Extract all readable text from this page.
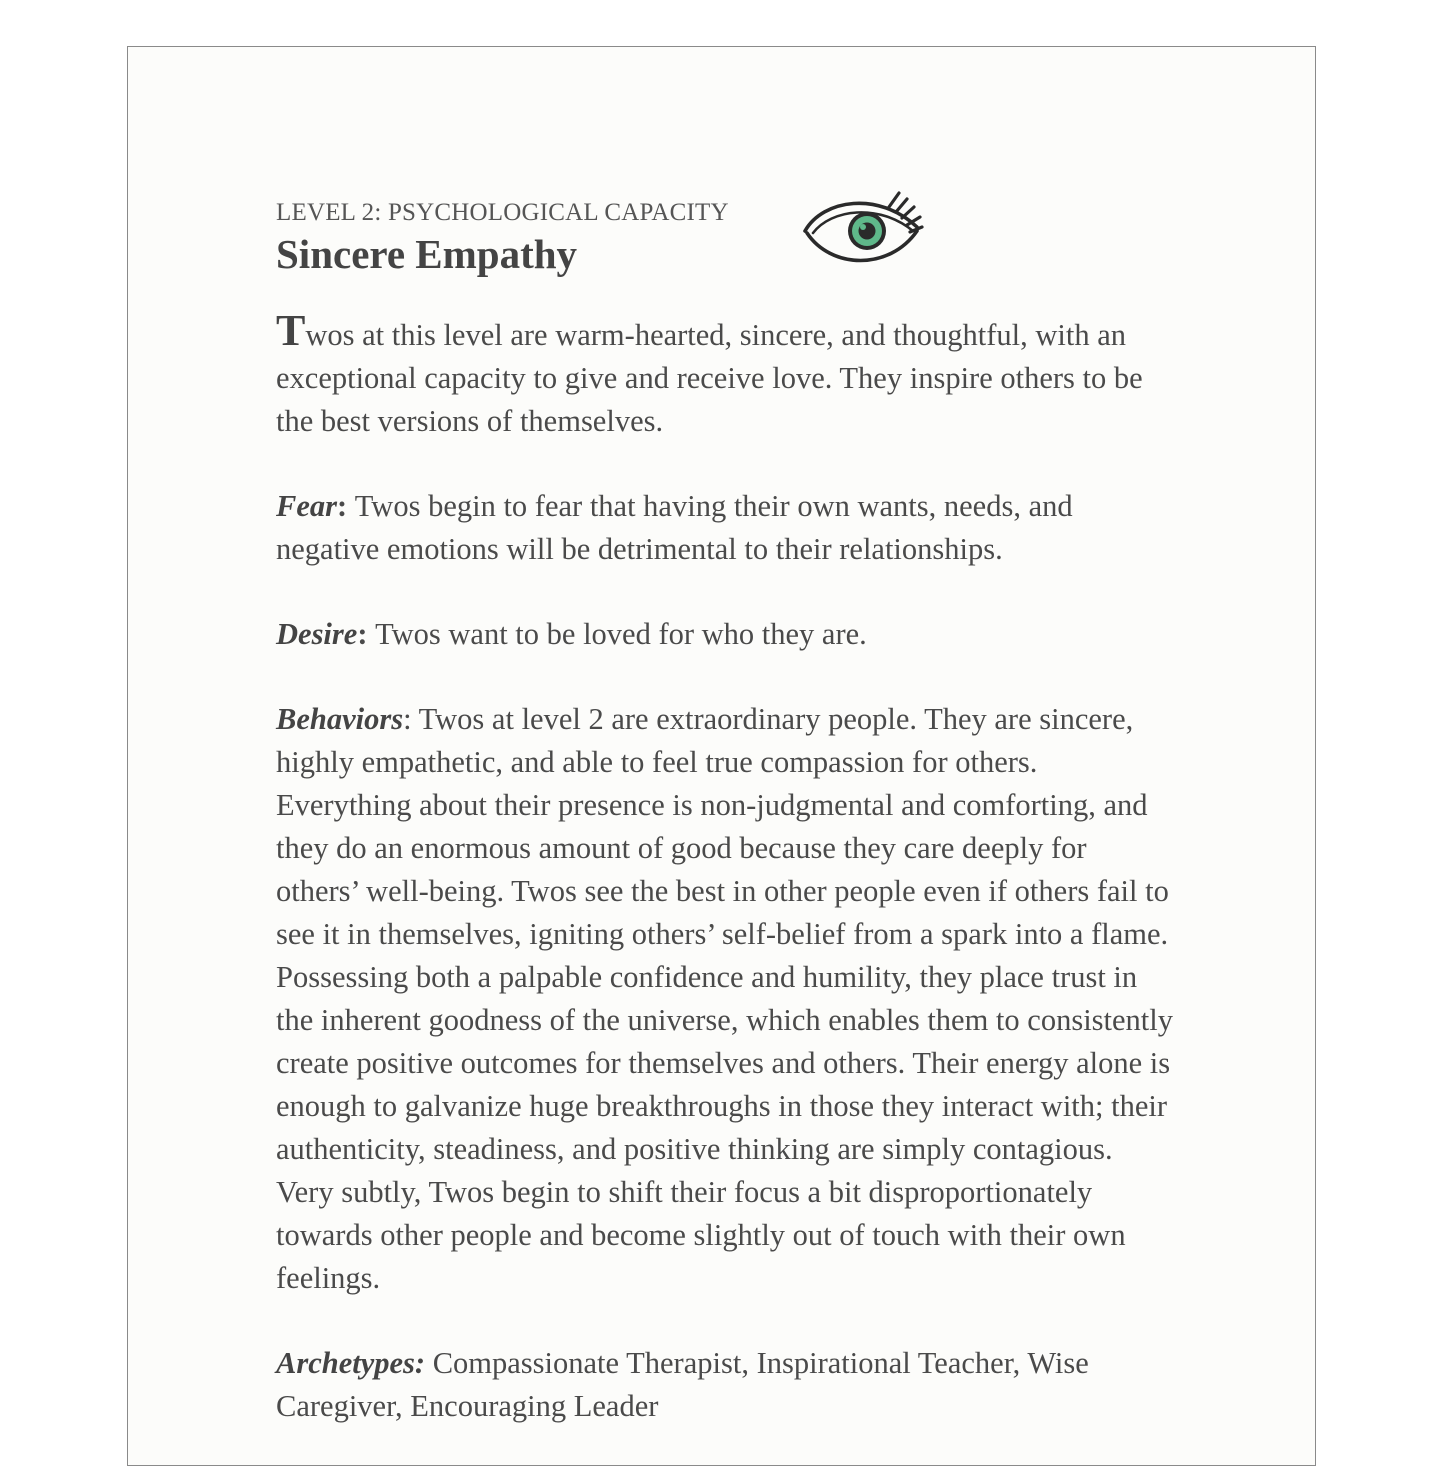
LEVEL 2: PSYCHOLOGICAL CAPACITY

Sincere Empathy

Twos at this level are warm-hearted, sincere, and thoughtful, with an exceptional capacity to give and receive love. They inspire others to be the best versions of themselves.

Fear: Twos begin to fear that having their own wants, needs, and negative emotions will be detrimental to their relationships.

Desire: Twos want to be loved for who they are.

Behaviors: Twos at level 2 are extraordinary people. They are sincere, highly empathetic, and able to feel true compassion for others. Everything about their presence is non-judgmental and comforting, and they do an enormous amount of good because they care deeply for others’ well-being. Twos see the best in other people even if others fail to see it in themselves, igniting others’ self-belief from a spark into a flame. Possessing both a palpable confidence and humility, they place trust in the inherent goodness of the universe, which enables them to consistently create positive outcomes for themselves and others. Their energy alone is enough to galvanize huge breakthroughs in those they interact with; their authenticity, steadiness, and positive thinking are simply contagious. Very subtly, Twos begin to shift their focus a bit disproportionately towards other people and become slightly out of touch with their own feelings.

Archetypes: Compassionate Therapist, Inspirational Teacher, Wise Caregiver, Encouraging Leader
